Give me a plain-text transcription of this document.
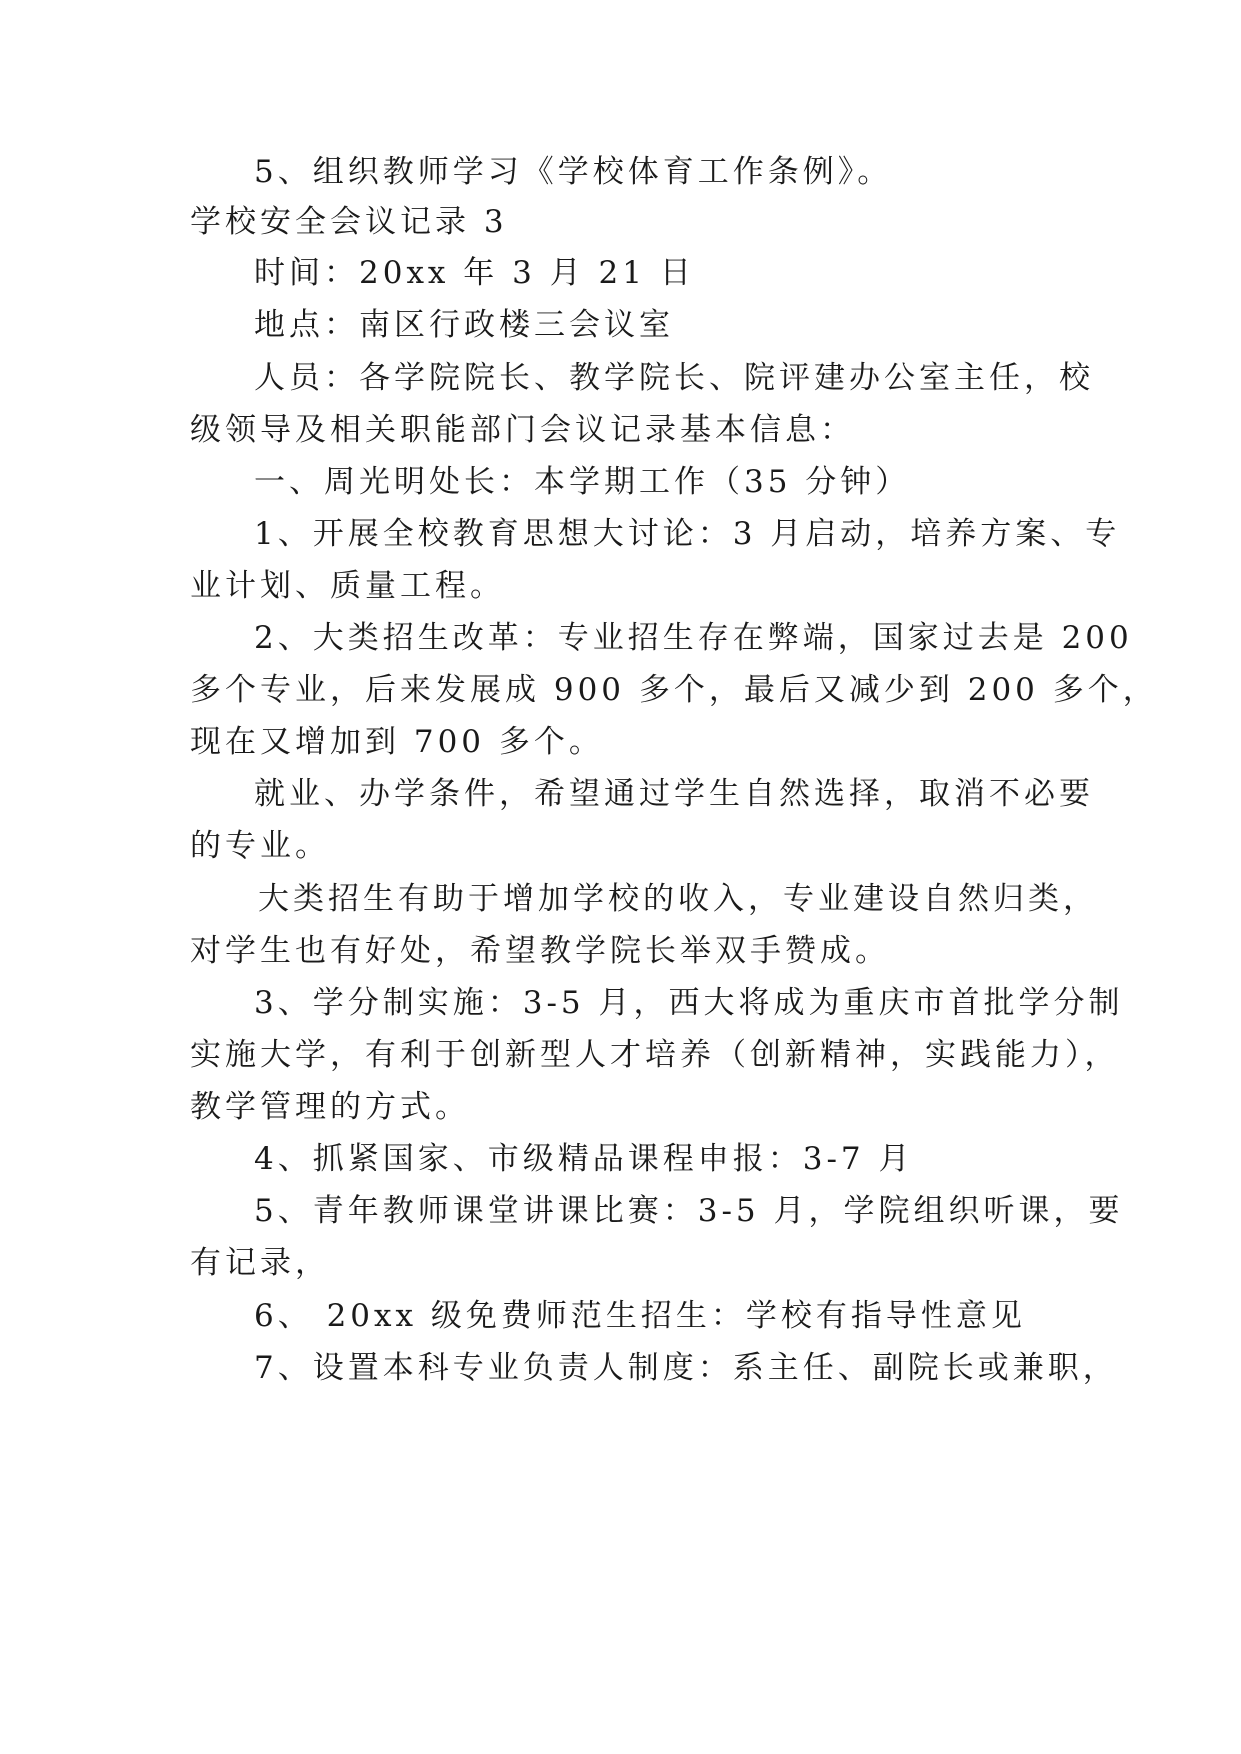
5、组织教师学习《学校体育工作条例》。
学校安全会议记录 3
时间：20xx 年 3 月 21 日
地点：南区行政楼三会议室
人员：各学院院长、教学院长、院评建办公室主任，校
级领导及相关职能部门会议记录基本信息：
一、周光明处长：本学期工作（35 分钟）
1、开展全校教育思想大讨论：3 月启动，培养方案、专
业计划、质量工程。
2、大类招生改革：专业招生存在弊端，国家过去是 200
多个专业，后来发展成 900 多个，最后又减少到 200 多个，
现在又增加到 700 多个。
就业、办学条件，希望通过学生自然选择，取消不必要
的专业。
大类招生有助于增加学校的收入，专业建设自然归类，
对学生也有好处，希望教学院长举双手赞成。
3、学分制实施：3-5 月，西大将成为重庆市首批学分制
实施大学，有利于创新型人才培养（创新精神，实践能力），
教学管理的方式。
4、抓紧国家、市级精品课程申报：3-7 月
5、青年教师课堂讲课比赛：3-5 月，学院组织听课，要
有记录，
6、 20xx 级免费师范生招生：学校有指导性意见
7、设置本科专业负责人制度：系主任、副院长或兼职，
